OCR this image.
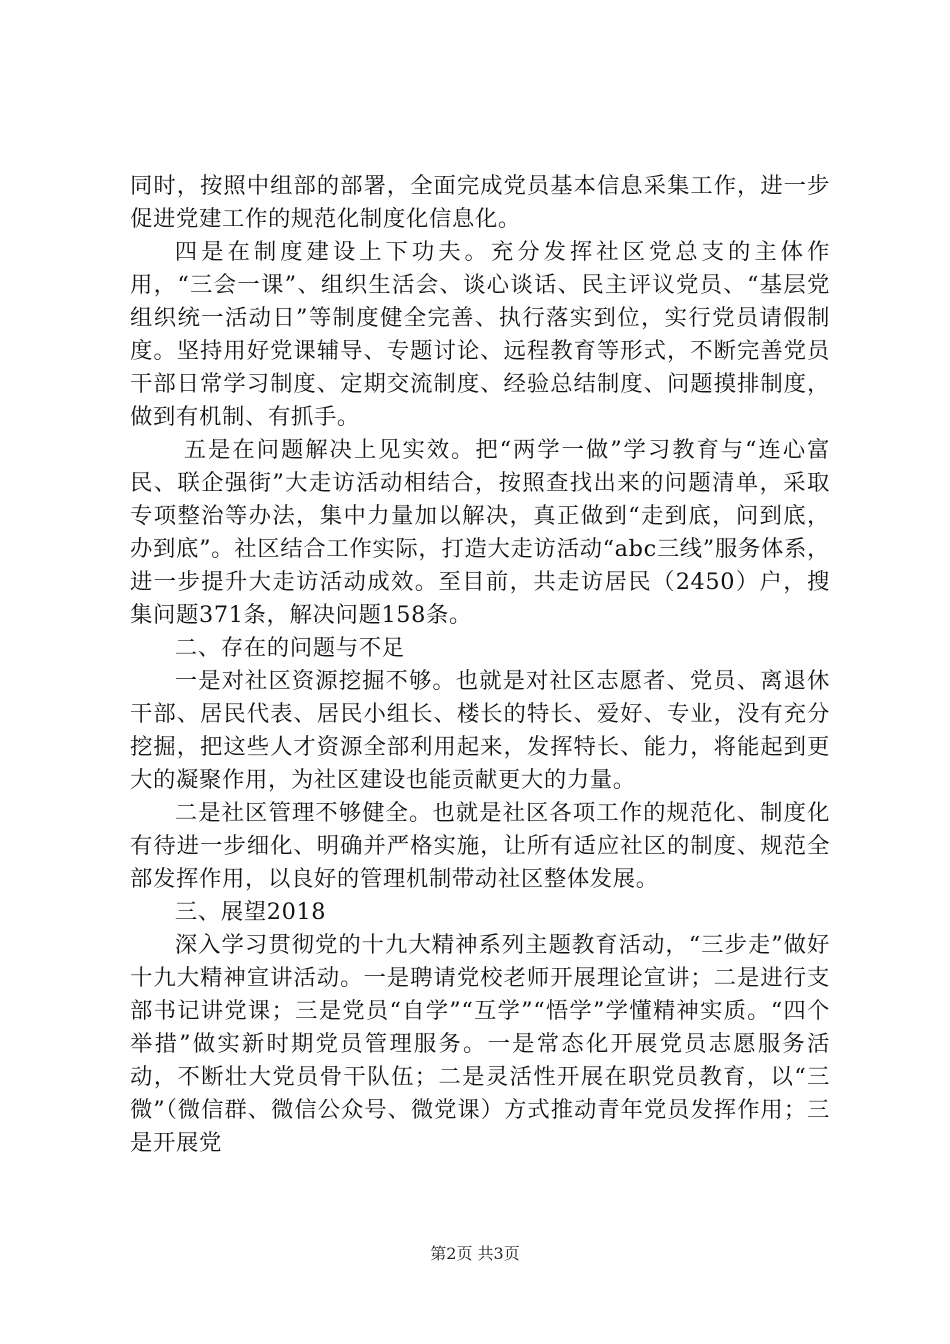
同时，按照中组部的部署，全面完成党员基本信息采集工作，进一步促进党建工作的规范化制度化信息化。

四是在制度建设上下功夫。充分发挥社区党总支的主体作用，“三会一课”、组织生活会、谈心谈话、民主评议党员、“基层党组织统一活动日”等制度健全完善、执行落实到位，实行党员请假制度。坚持用好党课辅导、专题讨论、远程教育等形式，不断完善党员干部日常学习制度、定期交流制度、经验总结制度、问题摸排制度，做到有机制、有抓手。

五是在问题解决上见实效。把“两学一做”学习教育与“连心富民、联企强街”大走访活动相结合，按照查找出来的问题清单，采取专项整治等办法，集中力量加以解决，真正做到“走到底，问到底，办到底”。社区结合工作实际，打造大走访活动“abc三线”服务体系，进一步提升大走访活动成效。至目前，共走访居民（2450）户，搜集问题371条，解决问题158条。

二、存在的问题与不足

一是对社区资源挖掘不够。也就是对社区志愿者、党员、离退休干部、居民代表、居民小组长、楼长的特长、爱好、专业，没有充分挖掘，把这些人才资源全部利用起来，发挥特长、能力，将能起到更大的凝聚作用，为社区建设也能贡献更大的力量。

二是社区管理不够健全。也就是社区各项工作的规范化、制度化有待进一步细化、明确并严格实施，让所有适应社区的制度、规范全部发挥作用，以良好的管理机制带动社区整体发展。

三、展望2018

深入学习贯彻党的十九大精神系列主题教育活动，“三步走”做好十九大精神宣讲活动。一是聘请党校老师开展理论宣讲；二是进行支部书记讲党课；三是党员“自学”“互学”“悟学”学懂精神实质。“四个举措”做实新时期党员管理服务。一是常态化开展党员志愿服务活动，不断壮大党员骨干队伍；二是灵活性开展在职党员教育，以“三微”（微信群、微信公众号、微党课）方式推动青年党员发挥作用；三是开展党

第2页 共3页
